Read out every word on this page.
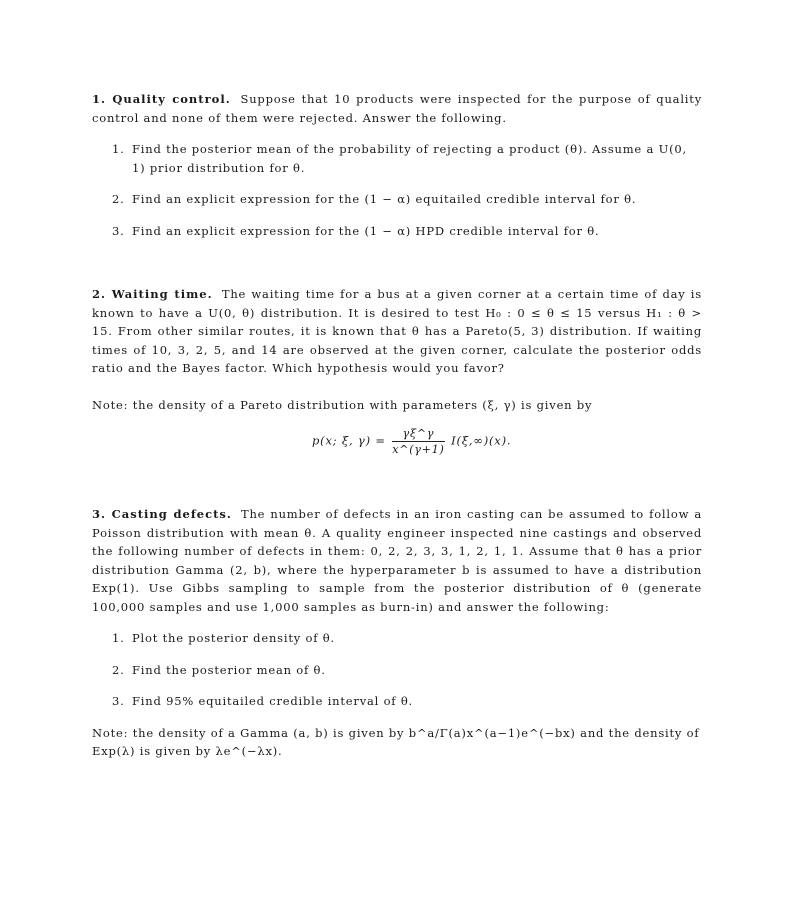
1. Quality control. Suppose that 10 products were inspected for the purpose of quality control and none of them were rejected. Answer the following.
1. Find the posterior mean of the probability of rejecting a product (θ). Assume a U(0, 1) prior distribution for θ.
2. Find an explicit expression for the (1 − α) equitailed credible interval for θ.
3. Find an explicit expression for the (1 − α) HPD credible interval for θ.
2. Waiting time. The waiting time for a bus at a given corner at a certain time of day is known to have a U(0, θ) distribution. It is desired to test H₀ : 0 ≤ θ ≤ 15 versus H₁ : θ > 15. From other similar routes, it is known that θ has a Pareto(5, 3) distribution. If waiting times of 10, 3, 2, 5, and 14 are observed at the given corner, calculate the posterior odds ratio and the Bayes factor. Which hypothesis would you favor?
Note: the density of a Pareto distribution with parameters (ξ, γ) is given by
p(x; ξ, $\gamma) = \frac{\gamma\xi\^{}\gamma}{x\^{}(\gamma+1)} I(\xi,\infty)(x)$.
3. Casting defects. The number of defects in an iron casting can be assumed to follow a Poisson distribution with mean θ. A quality engineer inspected nine castings and observed the following number of defects in them: 0, 2, 2, 3, 3, 1, 2, 1, 1. Assume that θ has a prior distribution Gamma (2, b), where the hyperparameter b is assumed to have a distribution Exp(1). Use Gibbs sampling to sample from the posterior distribution of θ (generate 100,000 samples and use 1,000 samples as burn-in) and answer the following:
1. Plot the posterior density of θ.
2. Find the posterior mean of θ.
3. Find 95% equitailed credible interval of θ.
Note: the density of a Gamma (a, b) is given by b^a/Γ(a)x^(a−1)e^(−bx) and the density of Exp(λ) is given by λe^(−λx).
